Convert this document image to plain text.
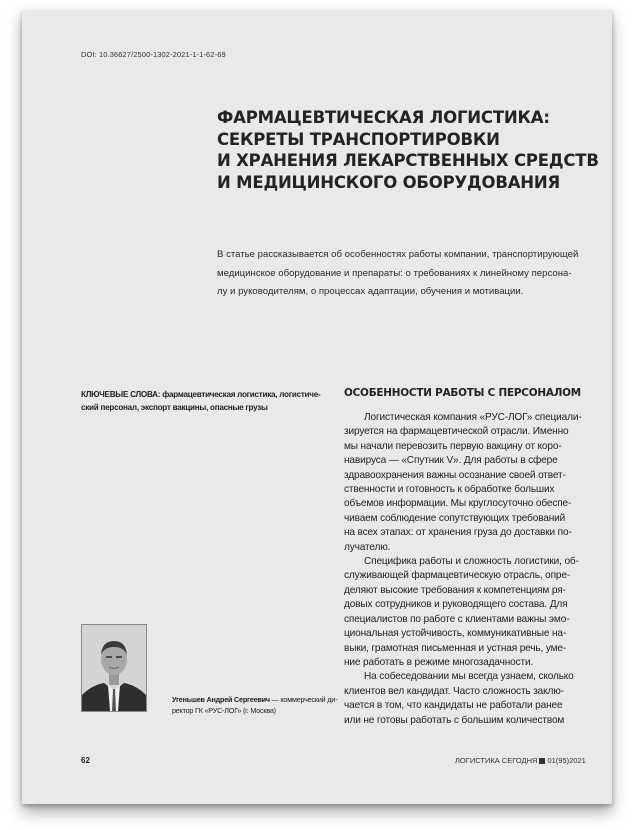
DOI: 10.36627/2500-1302-2021-1-1-62-69
ФАРМАЦЕВТИЧЕСКАЯ ЛОГИСТИКА:
СЕКРЕТЫ ТРАНСПОРТИРОВКИ
И ХРАНЕНИЯ ЛЕКАРСТВЕННЫХ СРЕДСТВ
И МЕДИЦИНСКОГО ОБОРУДОВАНИЯ
В статье рассказывается об особенностях работы компании, транспортирующей
медицинское оборудование и препараты: о требованиях к линейному персона-
лу и руководителям, о процессах адаптации, обучения и мотивации.
КЛЮЧЕВЫЕ СЛОВА: фармацевтическая логистика, логистиче-
ский персонал, экспорт вакцины, опасные грузы
Угеньшев Андрей Сергеевич — коммерческий ди-
ректор ГК «РУС-ЛОГ» (г. Москва)
ОСОБЕННОСТИ РАБОТЫ С ПЕРСОНАЛОМ
Логистическая компания «РУС-ЛОГ» специали-
зируется на фармацевтической отрасли. Именно
мы начали перевозить первую вакцину от коро-
навируса — «Спутник V». Для работы в сфере
здравоохранения важны осознание своей ответ-
ственности и готовность к обработке больших
объемов информации. Мы круглосуточно обеспе-
чиваем соблюдение сопутствующих требований
на всех этапах: от хранения груза до доставки по-
лучателю.
Специфика работы и сложность логистики, об-
служивающей фармацевтическую отрасль, опре-
деляют высокие требования к компетенциям ря-
довых сотрудников и руководящего состава. Для
специалистов по работе с клиентами важны эмо-
циональная устойчивость, коммуникативные на-
выки, грамотная письменная и устная речь, уме-
ние работать в режиме многозадачности.
На собеседовании мы всегда узнаем, сколько
клиентов вел кандидат. Часто сложность заклю-
чается в том, что кандидаты не работали ранее
или не готовы работать с большим количеством
62	ЛОГИСТИКА СЕГОДНЯ 01(95)2021
